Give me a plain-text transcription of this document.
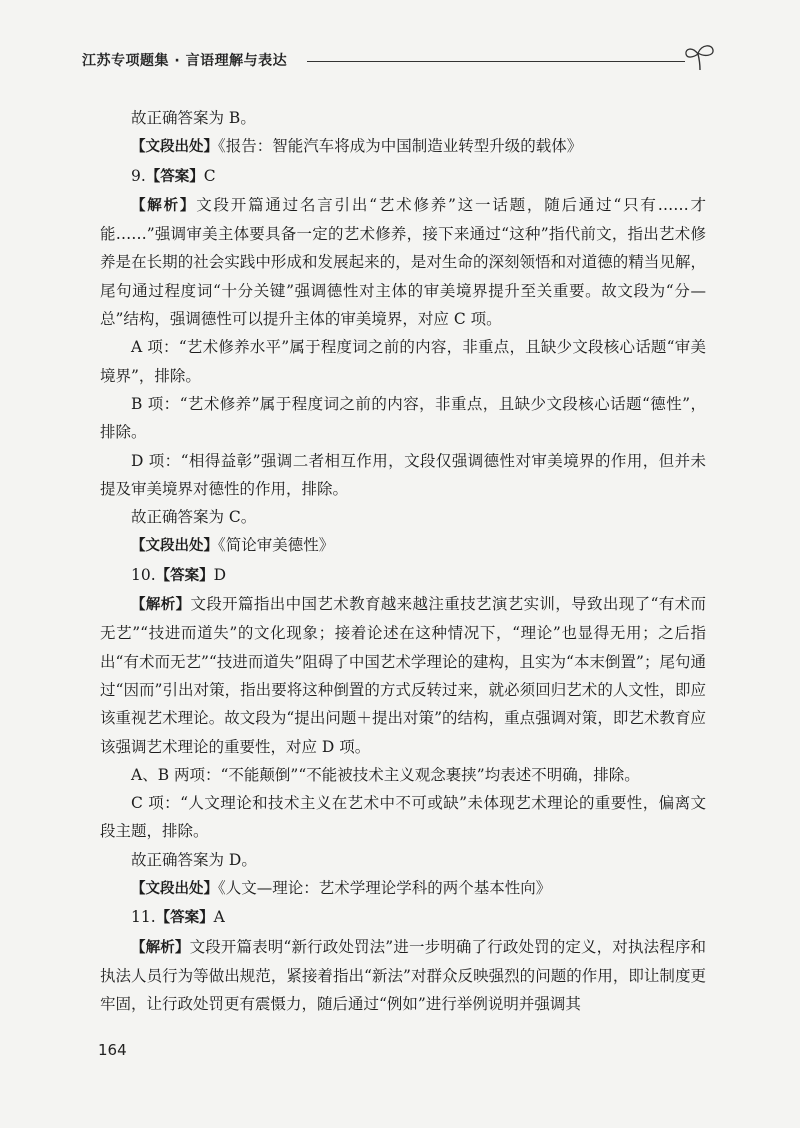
江苏专项题集 · 言语理解与表达

故正确答案为 B。

【文段出处】《报告：智能汽车将成为中国制造业转型升级的载体》

9.【答案】C

【解析】文段开篇通过名言引出“艺术修养”这一话题，随后通过“只有……才能……”强调审美主体要具备一定的艺术修养，接下来通过“这种”指代前文，指出艺术修养是在长期的社会实践中形成和发展起来的，是对生命的深刻领悟和对道德的精当见解，尾句通过程度词“十分关键”强调德性对主体的审美境界提升至关重要。故文段为“分—总”结构，强调德性可以提升主体的审美境界，对应 C 项。

A 项：“艺术修养水平”属于程度词之前的内容，非重点，且缺少文段核心话题“审美境界”，排除。

B 项：“艺术修养”属于程度词之前的内容，非重点，且缺少文段核心话题“德性”，排除。

D 项：“相得益彰”强调二者相互作用，文段仅强调德性对审美境界的作用，但并未提及审美境界对德性的作用，排除。

故正确答案为 C。

【文段出处】《简论审美德性》

10.【答案】D

【解析】文段开篇指出中国艺术教育越来越注重技艺演艺实训，导致出现了“有术而无艺”“技进而道失”的文化现象；接着论述在这种情况下，“理论”也显得无用；之后指出“有术而无艺”“技进而道失”阻碍了中国艺术学理论的建构，且实为“本末倒置”；尾句通过“因而”引出对策，指出要将这种倒置的方式反转过来，就必须回归艺术的人文性，即应该重视艺术理论。故文段为“提出问题＋提出对策”的结构，重点强调对策，即艺术教育应该强调艺术理论的重要性，对应 D 项。

A、B 两项：“不能颠倒”“不能被技术主义观念裹挟”均表述不明确，排除。

C 项：“人文理论和技术主义在艺术中不可或缺”未体现艺术理论的重要性，偏离文段主题，排除。

故正确答案为 D。

【文段出处】《人文—理论：艺术学理论学科的两个基本性向》

11.【答案】A

【解析】文段开篇表明“新行政处罚法”进一步明确了行政处罚的定义，对执法程序和执法人员行为等做出规范，紧接着指出“新法”对群众反映强烈的问题的作用，即让制度更牢固，让行政处罚更有震慑力，随后通过“例如”进行举例说明并强调其

164
